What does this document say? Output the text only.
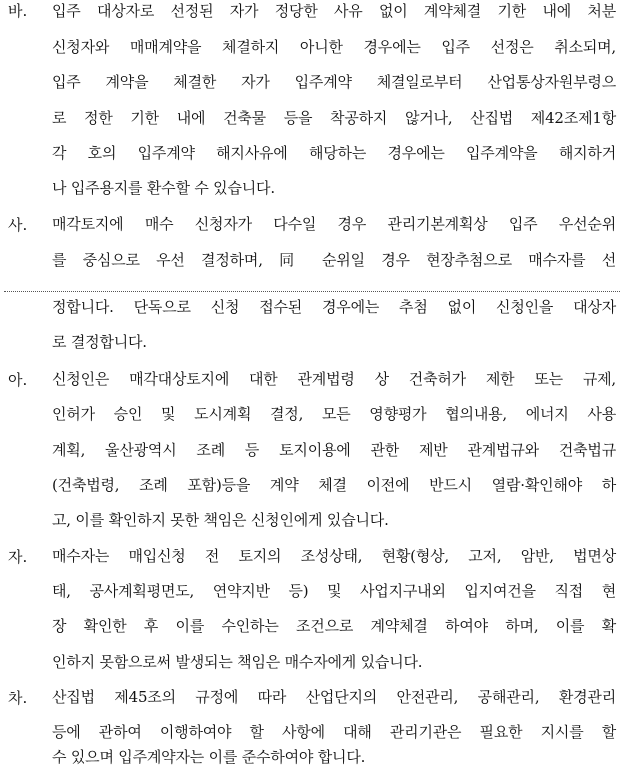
바. 입주 대상자로 선정된 자가 정당한 사유 없이 계약체결 기한 내에 처분
신청자와 매매계약을 체결하지 아니한 경우에는 입주 선정은 취소되며,
입주 계약을 체결한 자가 입주계약 체결일로부터 산업통상자원부령으
로 정한 기한 내에 건축물 등을 착공하지 않거나, 산집법 제42조제1항
각 호의 입주계약 해지사유에 해당하는 경우에는 입주계약을 해지하거
나 입주용지를 환수할 수 있습니다.
사. 매각토지에 매수 신청자가 다수일 경우 관리기본계획상 입주 우선순위
를 중심으로 우선 결정하며, 同 순위일 경우 현장추첨으로 매수자를 선
정합니다. 단독으로 신청 접수된 경우에는 추첨 없이 신청인을 대상자
로 결정합니다.
아. 신청인은 매각대상토지에 대한 관계법령 상 건축허가 제한 또는 규제,
인허가 승인 및 도시계획 결정, 모든 영향평가 협의내용, 에너지 사용
계획, 울산광역시 조례 등 토지이용에 관한 제반 관계법규와 건축법규
(건축법령, 조례 포함)등을 계약 체결 이전에 반드시 열람·확인해야 하
고, 이를 확인하지 못한 책임은 신청인에게 있습니다.
자. 매수자는 매입신청 전 토지의 조성상태, 현황(형상, 고저, 암반, 법면상
태, 공사계획평면도, 연약지반 등) 및 사업지구내외 입지여건을 직접 현
장 확인한 후 이를 수인하는 조건으로 계약체결 하여야 하며, 이를 확
인하지 못함으로써 발생되는 책임은 매수자에게 있습니다.
차. 산집법 제45조의 규정에 따라 산업단지의 안전관리, 공해관리, 환경관리
등에 관하여 이행하여야 할 사항에 대해 관리기관은 필요한 지시를 할
수 있으며 입주계약자는 이를 준수하여야 합니다.
